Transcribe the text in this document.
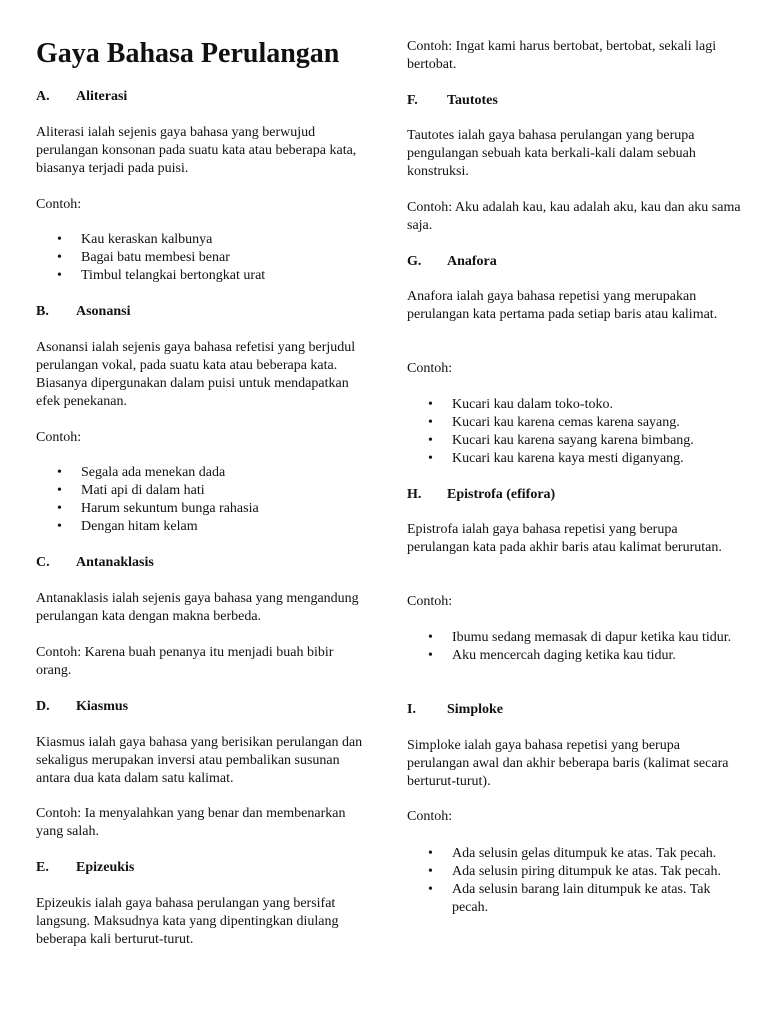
Gaya Bahasa Perulangan
A.	Aliterasi

Aliterasi ialah sejenis gaya bahasa yang berwujud perulangan konsonan pada suatu kata atau beberapa kata, biasanya terjadi pada puisi.

Contoh:

• Kau keraskan kalbunya
• Bagai batu membesi benar
• Timbul telangkai bertongkat urat
B.	Asonansi

Asonansi ialah sejenis gaya bahasa refetisi yang berjudul perulangan vokal, pada suatu kata atau beberapa kata. Biasanya dipergunakan dalam puisi untuk mendapatkan efek penekanan.

Contoh:

• Segala ada menekan dada
• Mati api di dalam hati
• Harum sekuntum bunga rahasia
• Dengan hitam kelam
C.	Antanaklasis

Antanaklasis ialah sejenis gaya bahasa yang mengandung perulangan kata dengan makna berbeda.

Contoh: Karena buah penanya itu menjadi buah bibir orang.

D.	Kiasmus

Kiasmus ialah gaya bahasa yang berisikan perulangan dan sekaligus merupakan inversi atau pembalikan susunan antara dua kata dalam satu kalimat.

Contoh: Ia menyalahkan yang benar dan membenarkan yang salah.

E.	Epizeukis

Epizeukis ialah gaya bahasa perulangan yang bersifat langsung. Maksudnya kata yang dipentingkan diulang beberapa kali berturut-turut.

Contoh: Ingat kami harus bertobat, bertobat, sekali lagi bertobat.

F.	Tautotes

Tautotes ialah gaya bahasa perulangan yang berupa pengulangan sebuah kata berkali-kali dalam sebuah konstruksi.

Contoh: Aku adalah kau, kau adalah aku, kau dan aku sama saja.

G.	Anafora

Anafora ialah gaya bahasa repetisi yang merupakan perulangan kata pertama pada setiap baris atau kalimat.

Contoh:

• Kucari kau dalam toko-toko.
• Kucari kau karena cemas karena sayang.
• Kucari kau karena sayang karena bimbang.
• Kucari kau karena kaya mesti diganyang.
H.	Epistrofa (efifora)

Epistrofa ialah gaya bahasa repetisi yang berupa perulangan kata pada akhir baris atau kalimat berurutan.

Contoh:

• Ibumu sedang memasak di dapur ketika kau tidur.
• Aku mencercah daging ketika kau tidur.
I.	Simploke

Simploke ialah gaya bahasa repetisi yang berupa perulangan awal dan akhir beberapa baris (kalimat secara berturut-turut).

Contoh:

• Ada selusin gelas ditumpuk ke atas. Tak pecah.
• Ada selusin piring ditumpuk ke atas. Tak pecah.
• Ada selusin barang lain ditumpuk ke atas. Tak pecah.
